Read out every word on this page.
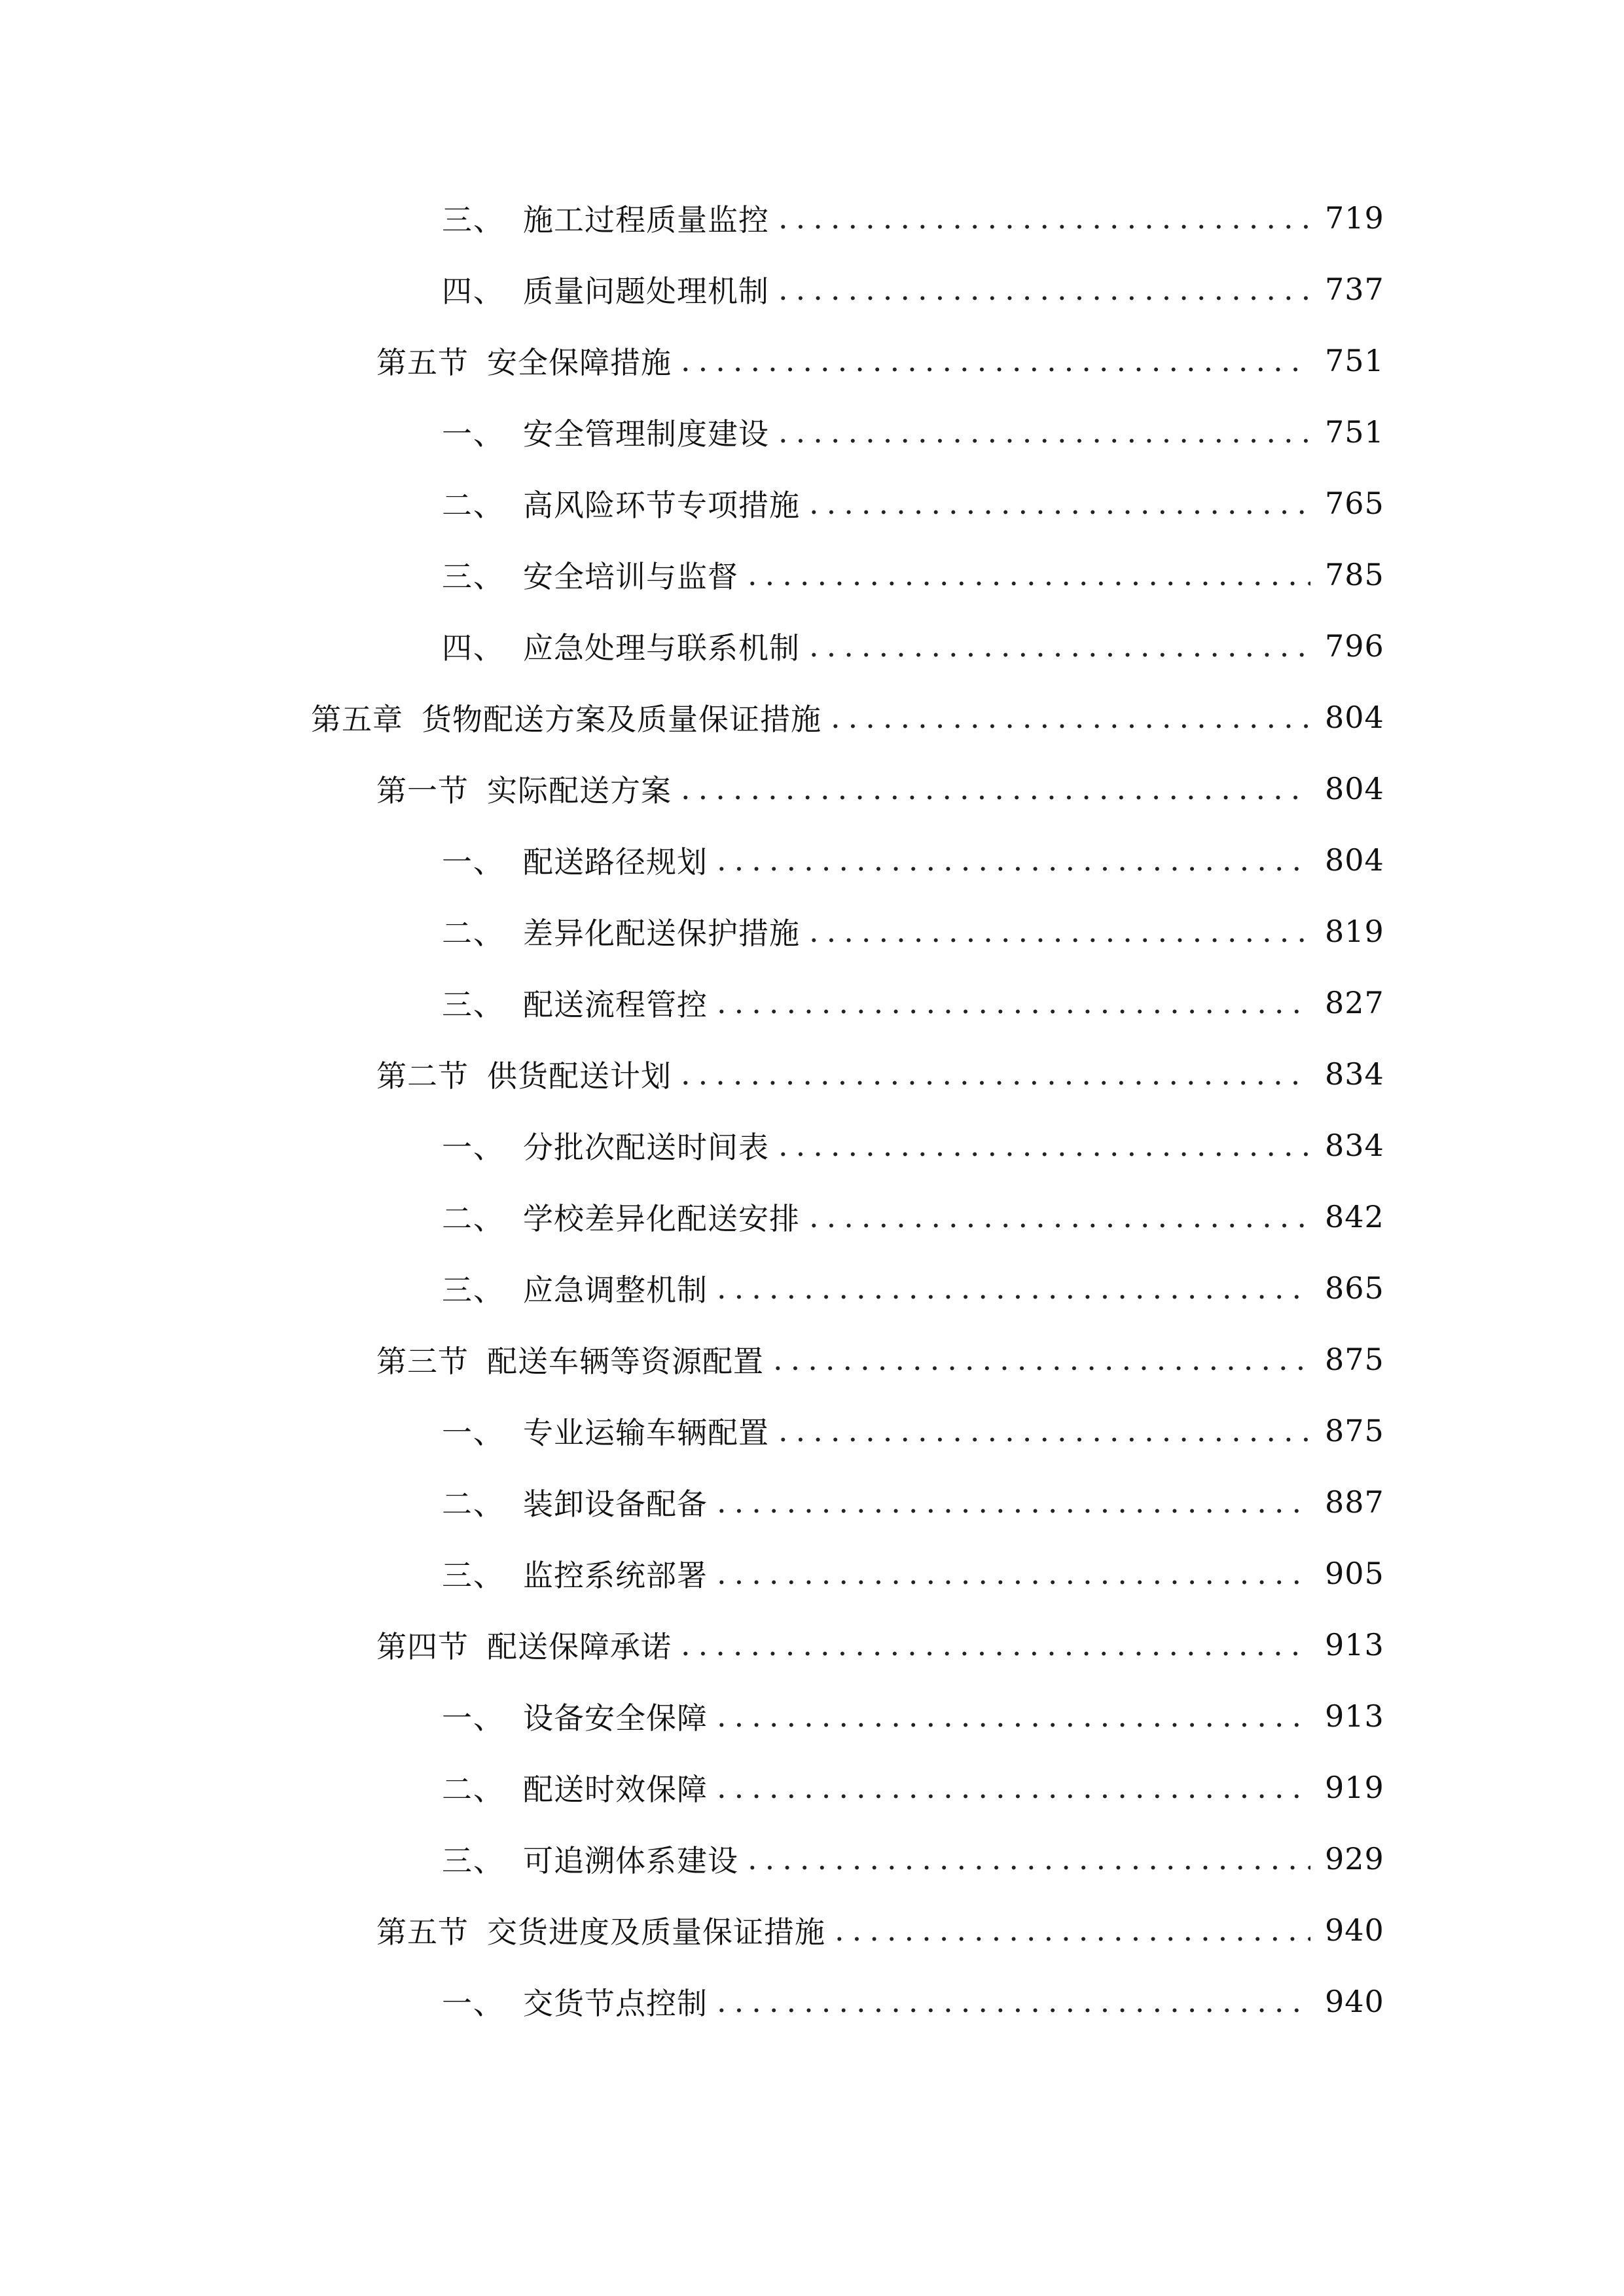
三、 施工过程质量监控 .....	719
四、 质量问题处理机制 .....	737
第五节 安全保障措施 .....	751
一、 安全管理制度建设 .....	751
二、 高风险环节专项措施 .....	765
三、 安全培训与监督 .....	785
四、 应急处理与联系机制 .....	796
第五章 货物配送方案及质量保证措施 .....	804
第一节 实际配送方案 .....	804
一、 配送路径规划 .....	804
二、 差异化配送保护措施 .....	819
三、 配送流程管控 .....	827
第二节 供货配送计划 .....	834
一、 分批次配送时间表 .....	834
二、 学校差异化配送安排 .....	842
三、 应急调整机制 .....	865
第三节 配送车辆等资源配置 .....	875
一、 专业运输车辆配置 .....	875
二、 装卸设备配备 .....	887
三、 监控系统部署 .....	905
第四节 配送保障承诺 .....	913
一、 设备安全保障 .....	913
二、 配送时效保障 .....	919
三、 可追溯体系建设 .....	929
第五节 交货进度及质量保证措施 .....	940
一、 交货节点控制 .....	940
